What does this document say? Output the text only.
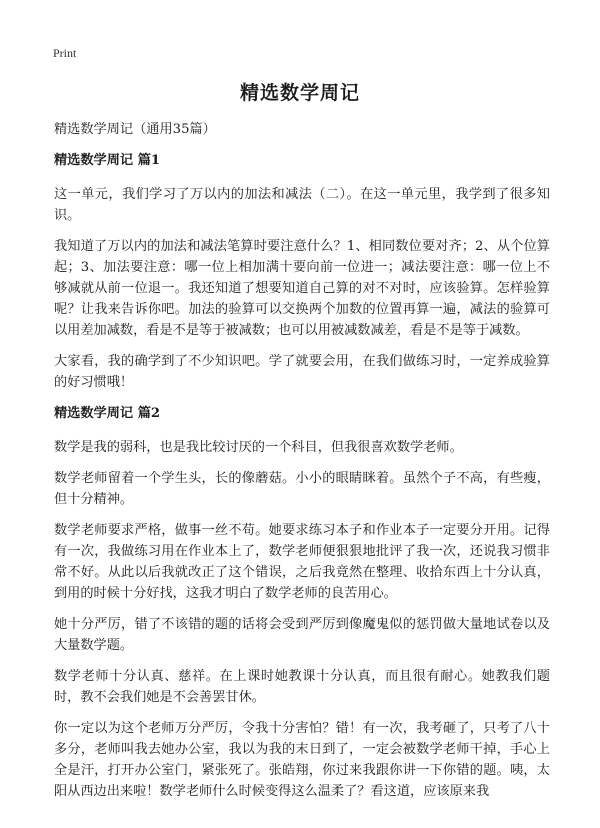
Print
精选数学周记

精选数学周记（通用35篇）

精选数学周记 篇1

这一单元，我们学习了万以内的加法和减法（二）。在这一单元里，我学到了很多知识。

我知道了万以内的加法和减法笔算时要注意什么？1、相同数位要对齐；2、从个位算起；3、加法要注意：哪一位上相加满十要向前一位进一；减法要注意：哪一位上不够减就从前一位退一。我还知道了想要知道自己算的对不对时，应该验算。怎样验算呢？让我来告诉你吧。加法的验算可以交换两个加数的位置再算一遍，减法的验算可以用差加减数，看是不是等于被减数；也可以用被减数减差，看是不是等于减数。

大家看，我的确学到了不少知识吧。学了就要会用，在我们做练习时，一定养成验算的好习惯哦！

精选数学周记 篇2

数学是我的弱科，也是我比较讨厌的一个科目，但我很喜欢数学老师。

数学老师留着一个学生头，长的像蘑菇。小小的眼睛眯着。虽然个子不高，有些瘦，但十分精神。

数学老师要求严格，做事一丝不苟。她要求练习本子和作业本子一定要分开用。记得有一次，我做练习用在作业本上了，数学老师便狠狠地批评了我一次，还说我习惯非常不好。从此以后我就改正了这个错误，之后我竟然在整理、收拾东西上十分认真，到用的时候十分好找，这我才明白了数学老师的良苦用心。

她十分严厉，错了不该错的题的话将会受到严厉到像魔鬼似的惩罚做大量地试卷以及大量数学题。

数学老师十分认真、慈祥。在上课时她教课十分认真，而且很有耐心。她教我们题时，教不会我们她是不会善罢甘休。

你一定以为这个老师万分严厉，令我十分害怕？错！有一次，我考砸了，只考了八十多分，老师叫我去她办公室，我以为我的末日到了，一定会被数学老师干掉，手心上全是汗，打开办公室门，紧张死了。张皓翔，你过来我跟你讲一下你错的题。咦，太阳从西边出来啦！数学老师什么时候变得这么温柔了？看这道，应该原来我
